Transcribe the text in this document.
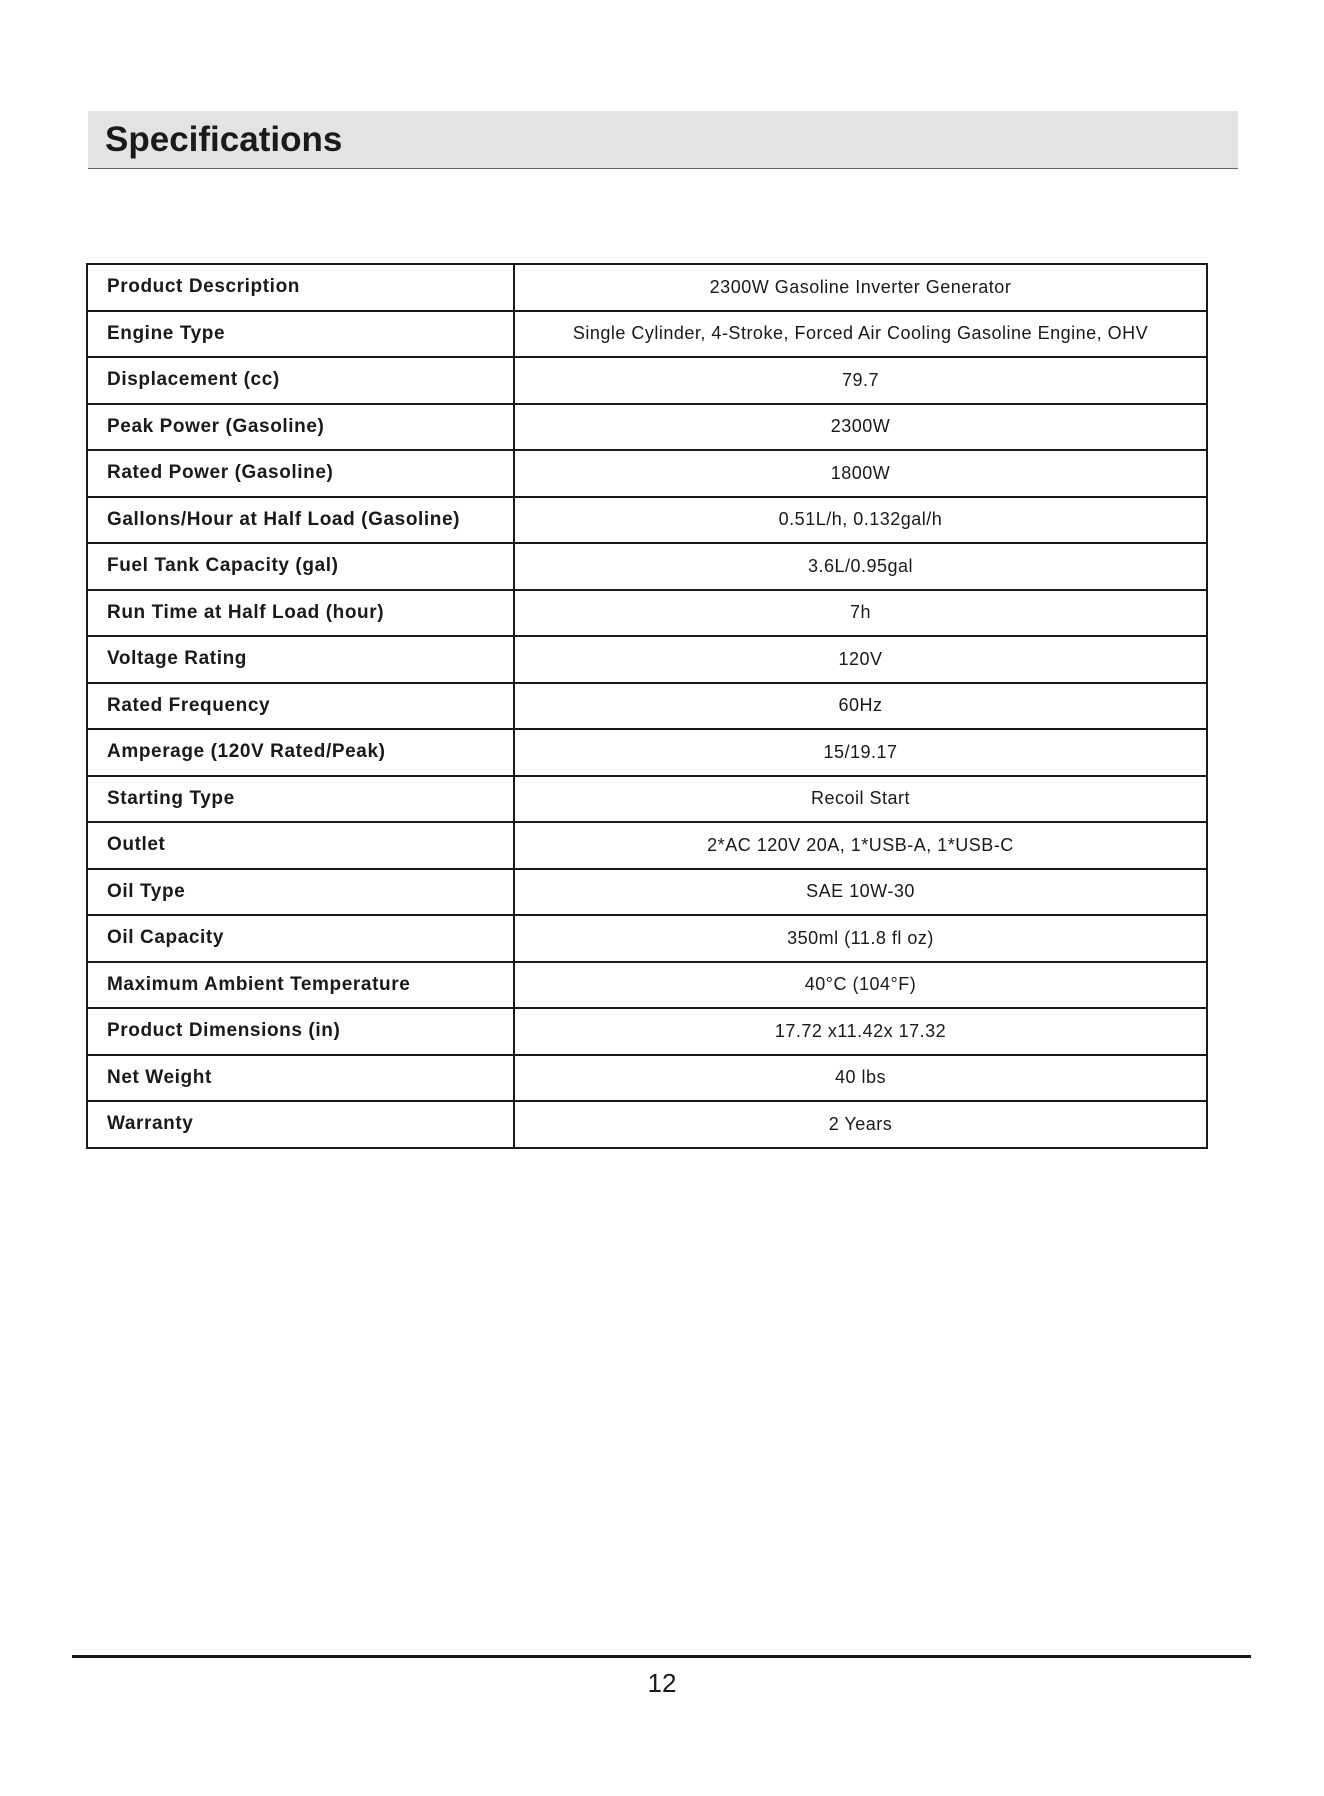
Specifications
Product Description	2300W Gasoline Inverter Generator
Engine Type	Single Cylinder, 4-Stroke, Forced Air Cooling Gasoline Engine, OHV
Displacement (cc)	79.7
Peak Power (Gasoline)	2300W
Rated Power (Gasoline)	1800W
Gallons/Hour at Half Load (Gasoline)	0.51L/h, 0.132gal/h
Fuel Tank Capacity (gal)	3.6L/0.95gal
Run Time at Half Load (hour)	7h
Voltage Rating	120V
Rated Frequency	60Hz
Amperage (120V Rated/Peak)	15/19.17
Starting Type	Recoil Start
Outlet	2*AC 120V 20A, 1*USB-A, 1*USB-C
Oil Type	SAE 10W-30
Oil Capacity	350ml (11.8 fl oz)
Maximum Ambient Temperature	40°C (104°F)
Product Dimensions (in)	17.72 x11.42x 17.32
Net Weight	40 lbs
Warranty	2 Years
12
